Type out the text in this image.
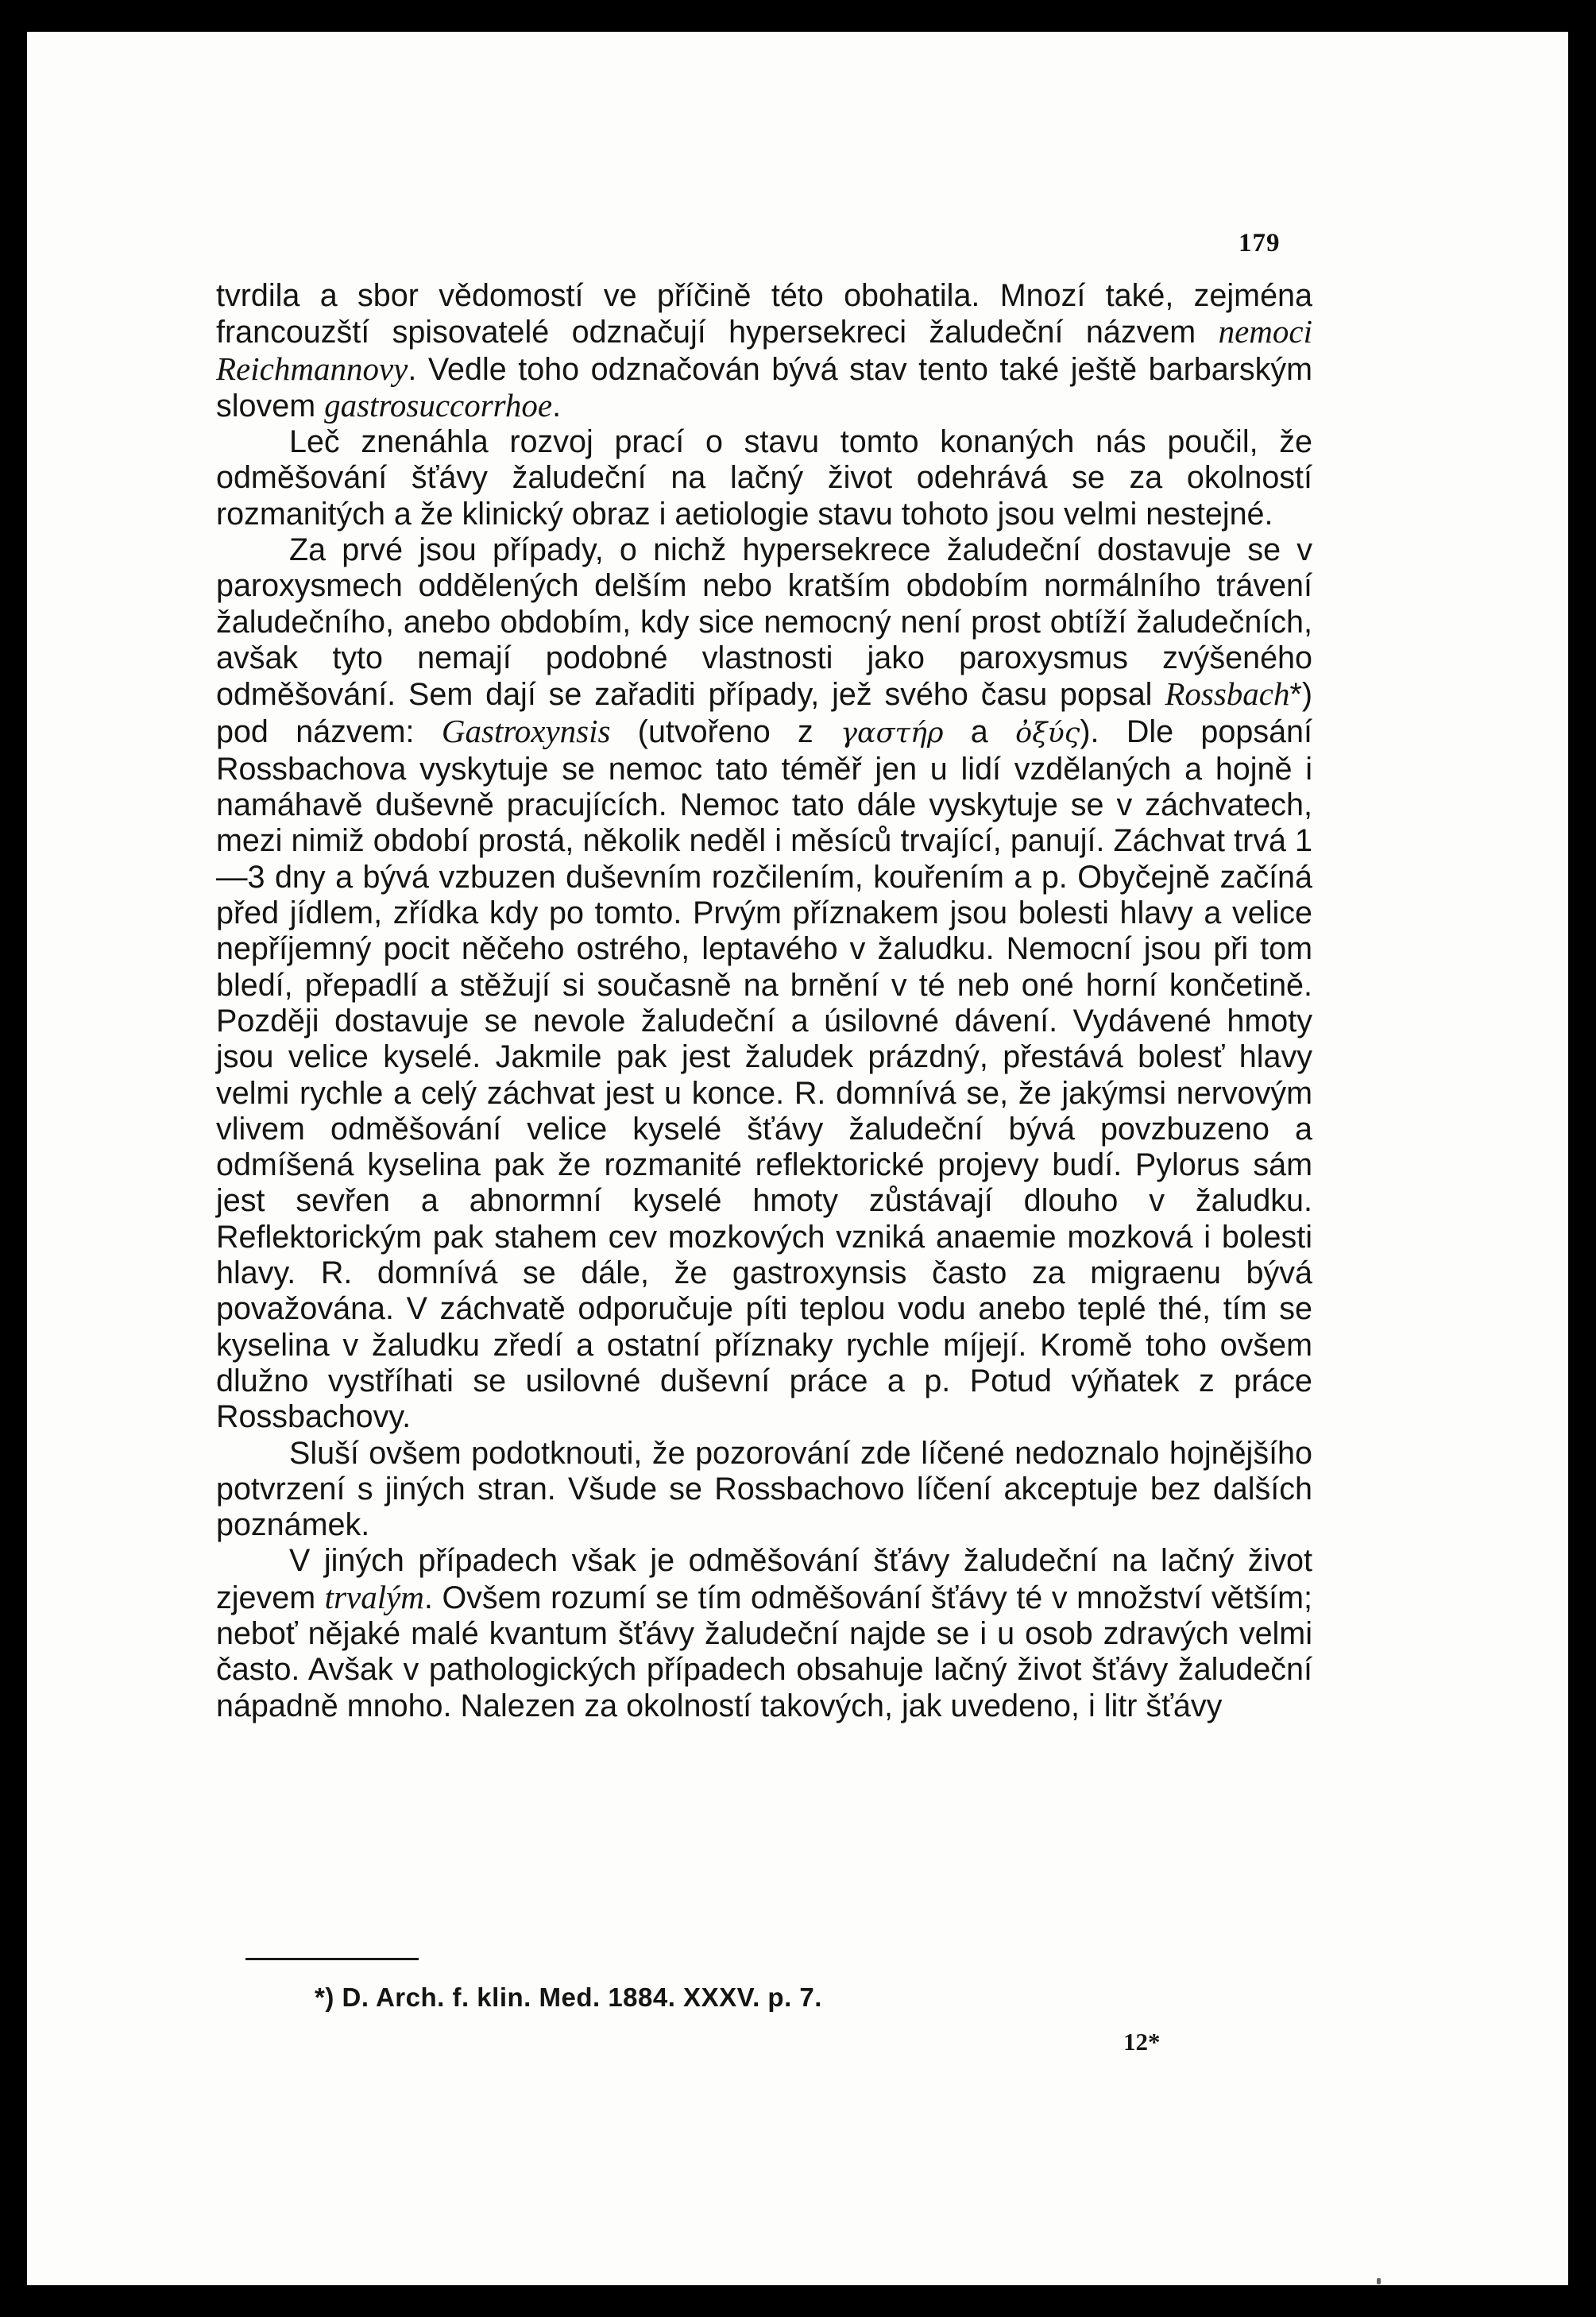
179

tvrdila a sbor vědomostí ve příčině této obohatila. Mnozí také, zejména francouzští spisovatelé odznačují hypersekreci žaludeční názvem nemoci Reichmannovy. Vedle toho odznačován bývá stav tento také ještě barbarským slovem gastrosuccorrhoe.

Leč znenáhla rozvoj prací o stavu tomto konaných nás poučil, že odměšování šťávy žaludeční na lačný život odehrává se za okolností rozmanitých a že klinický obraz i aetiologie stavu tohoto jsou velmi nestejné.

Za prvé jsou případy, o nichž hypersekrece žaludeční dostavuje se v paroxysmech oddělených delším nebo kratším obdobím normálního trávení žaludečního, anebo obdobím, kdy sice nemocný není prost obtíží žaludečních, avšak tyto nemají podobné vlastnosti jako paroxysmus zvýšeného odměšování. Sem dají se zařaditi případy, jež svého času popsal Rossbach*) pod názvem: Gastroxynsis (utvořeno z γαστήρ a ὀξύς). Dle popsání Rossbachova vyskytuje se nemoc tato téměř jen u lidí vzdělaných a hojně i namáhavě duševně pracujících. Nemoc tato dále vyskytuje se v záchvatech, mezi nimiž období prostá, několik neděl i měsíců trvající, panují. Záchvat trvá 1—3 dny a bývá vzbuzen duševním rozčilením, kouřením a p. Obyčejně začíná před jídlem, zřídka kdy po tomto. Prvým příznakem jsou bolesti hlavy a velice nepříjemný pocit něčeho ostrého, leptavého v žaludku. Nemocní jsou při tom bledí, přepadlí a stěžují si současně na brnění v té neb oné horní končetině. Později dostavuje se nevole žaludeční a úsilovné dávení. Vydávené hmoty jsou velice kyselé. Jakmile pak jest žaludek prázdný, přestává bolesť hlavy velmi rychle a celý záchvat jest u konce. R. domnívá se, že jakýmsi nervovým vlivem odměšování velice kyselé šťávy žaludeční bývá povzbuzeno a odmíšená kyselina pak že rozmanité reflektorické projevy budí. Pylorus sám jest sevřen a abnormní kyselé hmoty zůstávají dlouho v žaludku. Reflektorickým pak stahem cev mozkových vzniká anaemie mozková i bolesti hlavy. R. domnívá se dále, že gastroxynsis často za migraenu bývá považována. V záchvatě odporučuje píti teplou vodu anebo teplé thé, tím se kyselina v žaludku zředí a ostatní příznaky rychle míjejí. Kromě toho ovšem dlužno vystříhati se usilovné duševní práce a p. Potud výňatek z práce Rossbachovy.

Sluší ovšem podotknouti, že pozorování zde líčené nedoznalo hojnějšího potvrzení s jiných stran. Všude se Rossbachovo líčení akceptuje bez dalších poznámek.

V jiných případech však je odměšování šťávy žaludeční na lačný život zjevem trvalým. Ovšem rozumí se tím odměšování šťávy té v množství větším; neboť nějaké malé kvantum šťávy žaludeční najde se i u osob zdravých velmi často. Avšak v pathologických případech obsahuje lačný život šťávy žaludeční nápadně mnoho. Nalezen za okolností takových, jak uvedeno, i litr šťávy

*) D. Arch. f. klin. Med. 1884. XXXV. p. 7.
12*
